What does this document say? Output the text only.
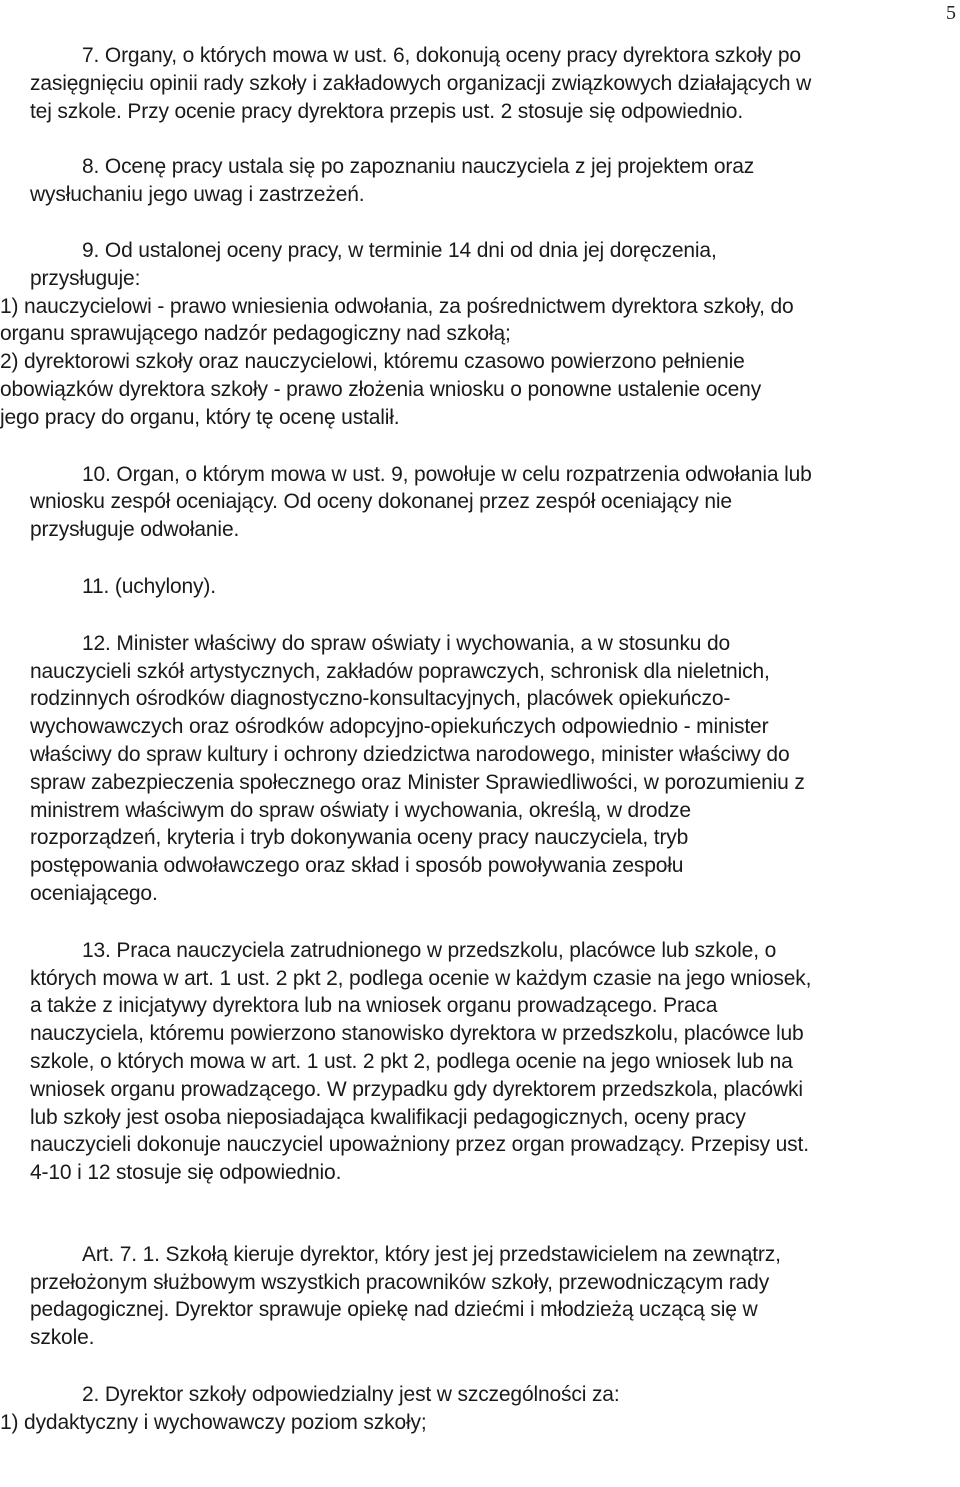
5

7. Organy, o których mowa w ust. 6, dokonują oceny pracy dyrektora szkoły po
zasięgnięciu opinii rady szkoły i zakładowych organizacji związkowych działających w
tej szkole. Przy ocenie pracy dyrektora przepis ust. 2 stosuje się odpowiednio.

8. Ocenę pracy ustala się po zapoznaniu nauczyciela z jej projektem oraz
wysłuchaniu jego uwag i zastrzeżeń.

9. Od ustalonej oceny pracy, w terminie 14 dni od dnia jej doręczenia,
przysługuje:

1) nauczycielowi - prawo wniesienia odwołania, za pośrednictwem dyrektora szkoły, do
organu sprawującego nadzór pedagogiczny nad szkołą;

2) dyrektorowi szkoły oraz nauczycielowi, któremu czasowo powierzono pełnienie
obowiązków dyrektora szkoły - prawo złożenia wniosku o ponowne ustalenie oceny
jego pracy do organu, który tę ocenę ustalił.

10. Organ, o którym mowa w ust. 9, powołuje w celu rozpatrzenia odwołania lub
wniosku zespół oceniający. Od oceny dokonanej przez zespół oceniający nie
przysługuje odwołanie.

11. (uchylony).

12. Minister właściwy do spraw oświaty i wychowania, a w stosunku do
nauczycieli szkół artystycznych, zakładów poprawczych, schronisk dla nieletnich,
rodzinnych ośrodków diagnostyczno-konsultacyjnych, placówek opiekuńczo-
wychowawczych oraz ośrodków adopcyjno-opiekuńczych odpowiednio - minister
właściwy do spraw kultury i ochrony dziedzictwa narodowego, minister właściwy do
spraw zabezpieczenia społecznego oraz Minister Sprawiedliwości, w porozumieniu z
ministrem właściwym do spraw oświaty i wychowania, określą, w drodze
rozporządzeń, kryteria i tryb dokonywania oceny pracy nauczyciela, tryb
postępowania odwoławczego oraz skład i sposób powoływania zespołu
oceniającego.

13. Praca nauczyciela zatrudnionego w przedszkolu, placówce lub szkole, o
których mowa w art. 1 ust. 2 pkt 2, podlega ocenie w każdym czasie na jego wniosek,
a także z inicjatywy dyrektora lub na wniosek organu prowadzącego. Praca
nauczyciela, któremu powierzono stanowisko dyrektora w przedszkolu, placówce lub
szkole, o których mowa w art. 1 ust. 2 pkt 2, podlega ocenie na jego wniosek lub na
wniosek organu prowadzącego. W przypadku gdy dyrektorem przedszkola, placówki
lub szkoły jest osoba nieposiadająca kwalifikacji pedagogicznych, oceny pracy
nauczycieli dokonuje nauczyciel upoważniony przez organ prowadzący. Przepisy ust.
4-10 i 12 stosuje się odpowiednio.

Art. 7. 1. Szkołą kieruje dyrektor, który jest jej przedstawicielem na zewnątrz,
przełożonym służbowym wszystkich pracowników szkoły, przewodniczącym rady
pedagogicznej. Dyrektor sprawuje opiekę nad dziećmi i młodzieżą uczącą się w
szkole.

2. Dyrektor szkoły odpowiedzialny jest w szczególności za:

1) dydaktyczny i wychowawczy poziom szkoły;
